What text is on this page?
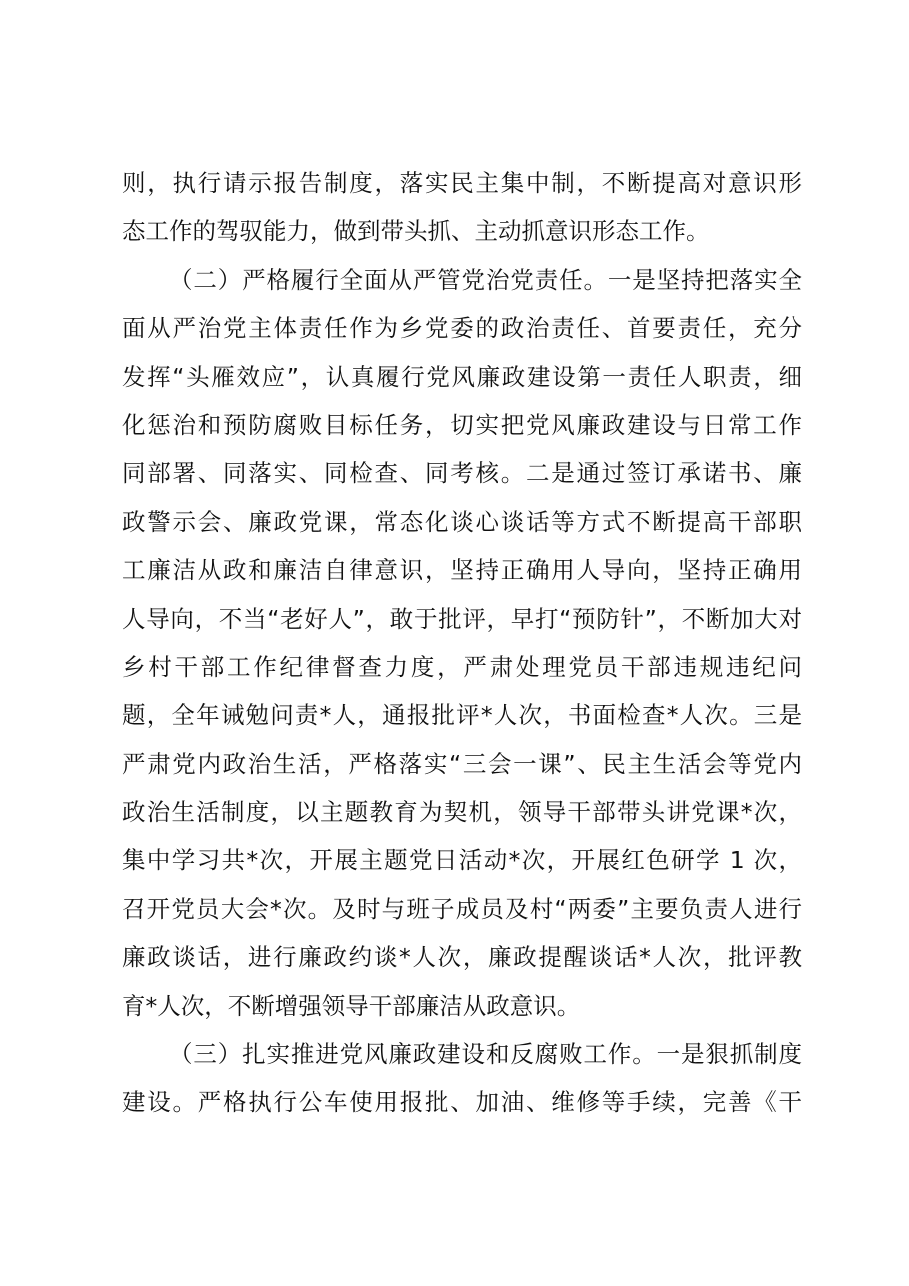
则，执行请示报告制度，落实民主集中制，不断提高对意识形
态工作的驾驭能力，做到带头抓、主动抓意识形态工作。
（二）严格履行全面从严管党治党责任。一是坚持把落实全
面从严治党主体责任作为乡党委的政治责任、首要责任，充分
发挥“头雁效应”，认真履行党风廉政建设第一责任人职责，细
化惩治和预防腐败目标任务，切实把党风廉政建设与日常工作
同部署、同落实、同检查、同考核。二是通过签订承诺书、廉
政警示会、廉政党课，常态化谈心谈话等方式不断提高干部职
工廉洁从政和廉洁自律意识，坚持正确用人导向，坚持正确用
人导向，不当“老好人”，敢于批评，早打“预防针”，不断加大对
乡村干部工作纪律督查力度，严肃处理党员干部违规违纪问
题，全年诫勉问责*人，通报批评*人次，书面检查*人次。三是
严肃党内政治生活，严格落实“三会一课”、民主生活会等党内
政治生活制度，以主题教育为契机，领导干部带头讲党课*次，
集中学习共*次，开展主题党日活动*次，开展红色研学 1 次，
召开党员大会*次。及时与班子成员及村“两委”主要负责人进行
廉政谈话，进行廉政约谈*人次，廉政提醒谈话*人次，批评教
育*人次，不断增强领导干部廉洁从政意识。
（三）扎实推进党风廉政建设和反腐败工作。一是狠抓制度
建设。严格执行公车使用报批、加油、维修等手续，完善《干
